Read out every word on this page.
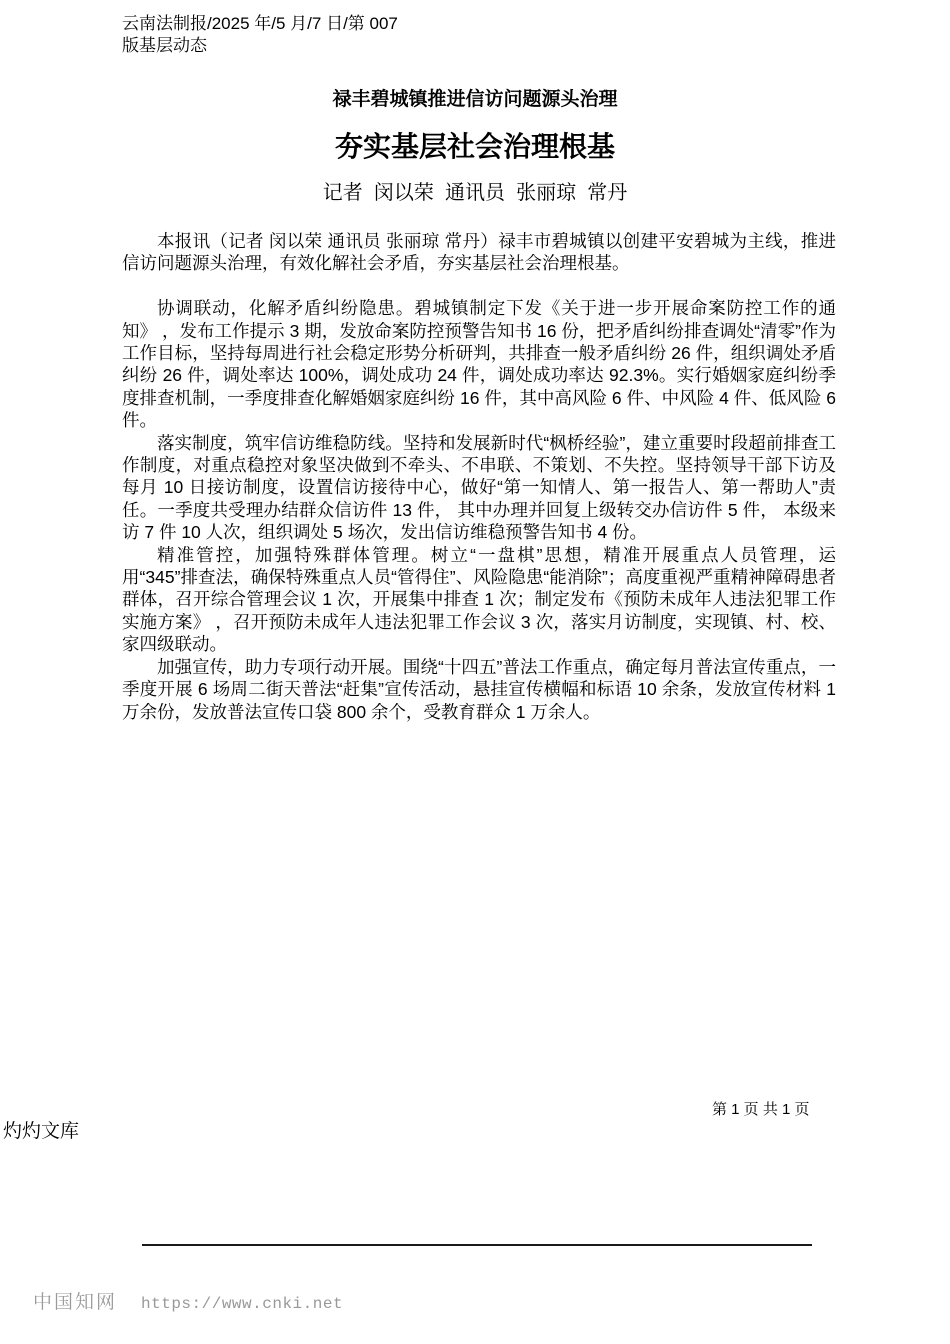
云南法制报/2025 年/5 月/7 日/第 007
版基层动态
禄丰碧城镇推进信访问题源头治理
夯实基层社会治理根基
记者  闵以荣  通讯员  张丽琼  常丹

本报讯（记者 闵以荣 通讯员 张丽琼 常丹）禄丰市碧城镇以创建平安碧城为主线，推进信访问题源头治理，有效化解社会矛盾，夯实基层社会治理根基。

协调联动，化解矛盾纠纷隐患。碧城镇制定下发《关于进一步开展命案防控工作的通知》 ，发布工作提示 3 期，发放命案防控预警告知书 16 份，把矛盾纠纷排查调处“清零”作为工作目标，坚持每周进行社会稳定形势分析研判，共排查一般矛盾纠纷 26 件，组织调处矛盾纠纷 26 件，调处率达 100%，调处成功 24 件，调处成功率达 92.3%。实行婚姻家庭纠纷季度排查机制，一季度排查化解婚姻家庭纠纷 16 件，其中高风险 6 件、中风险 4 件、低风险 6 件。

落实制度，筑牢信访维稳防线。坚持和发展新时代“枫桥经验”，建立重要时段超前排查工作制度，对重点稳控对象坚决做到不牵头、不串联、不策划、不失控。坚持领导干部下访及每月 10 日接访制度，设置信访接待中心，做好“第一知情人、第一报告人、第一帮助人”责任。一季度共受理办结群众信访件 13 件， 其中办理并回复上级转交办信访件 5 件， 本级来访 7 件 10 人次，组织调处 5 场次，发出信访维稳预警告知书 4 份。

精准管控，加强特殊群体管理。树立“一盘棋”思想，精准开展重点人员管理，运用“345”排查法，确保特殊重点人员“管得住”、风险隐患“能消除”；高度重视严重精神障碍患者群体，召开综合管理会议 1 次，开展集中排查 1 次；制定发布《预防未成年人违法犯罪工作实施方案》 ，召开预防未成年人违法犯罪工作会议 3 次，落实月访制度，实现镇、村、校、家四级联动。

加强宣传，助力专项行动开展。围绕“十四五”普法工作重点，确定每月普法宣传重点，一季度开展 6 场周二街天普法“赶集”宣传活动，悬挂宣传横幅和标语 10 余条，发放宣传材料 1 万余份，发放普法宣传口袋 800 余个，受教育群众 1 万余人。

第 1 页 共 1 页
灼灼文库
中国知网 https://www.cnki.net
